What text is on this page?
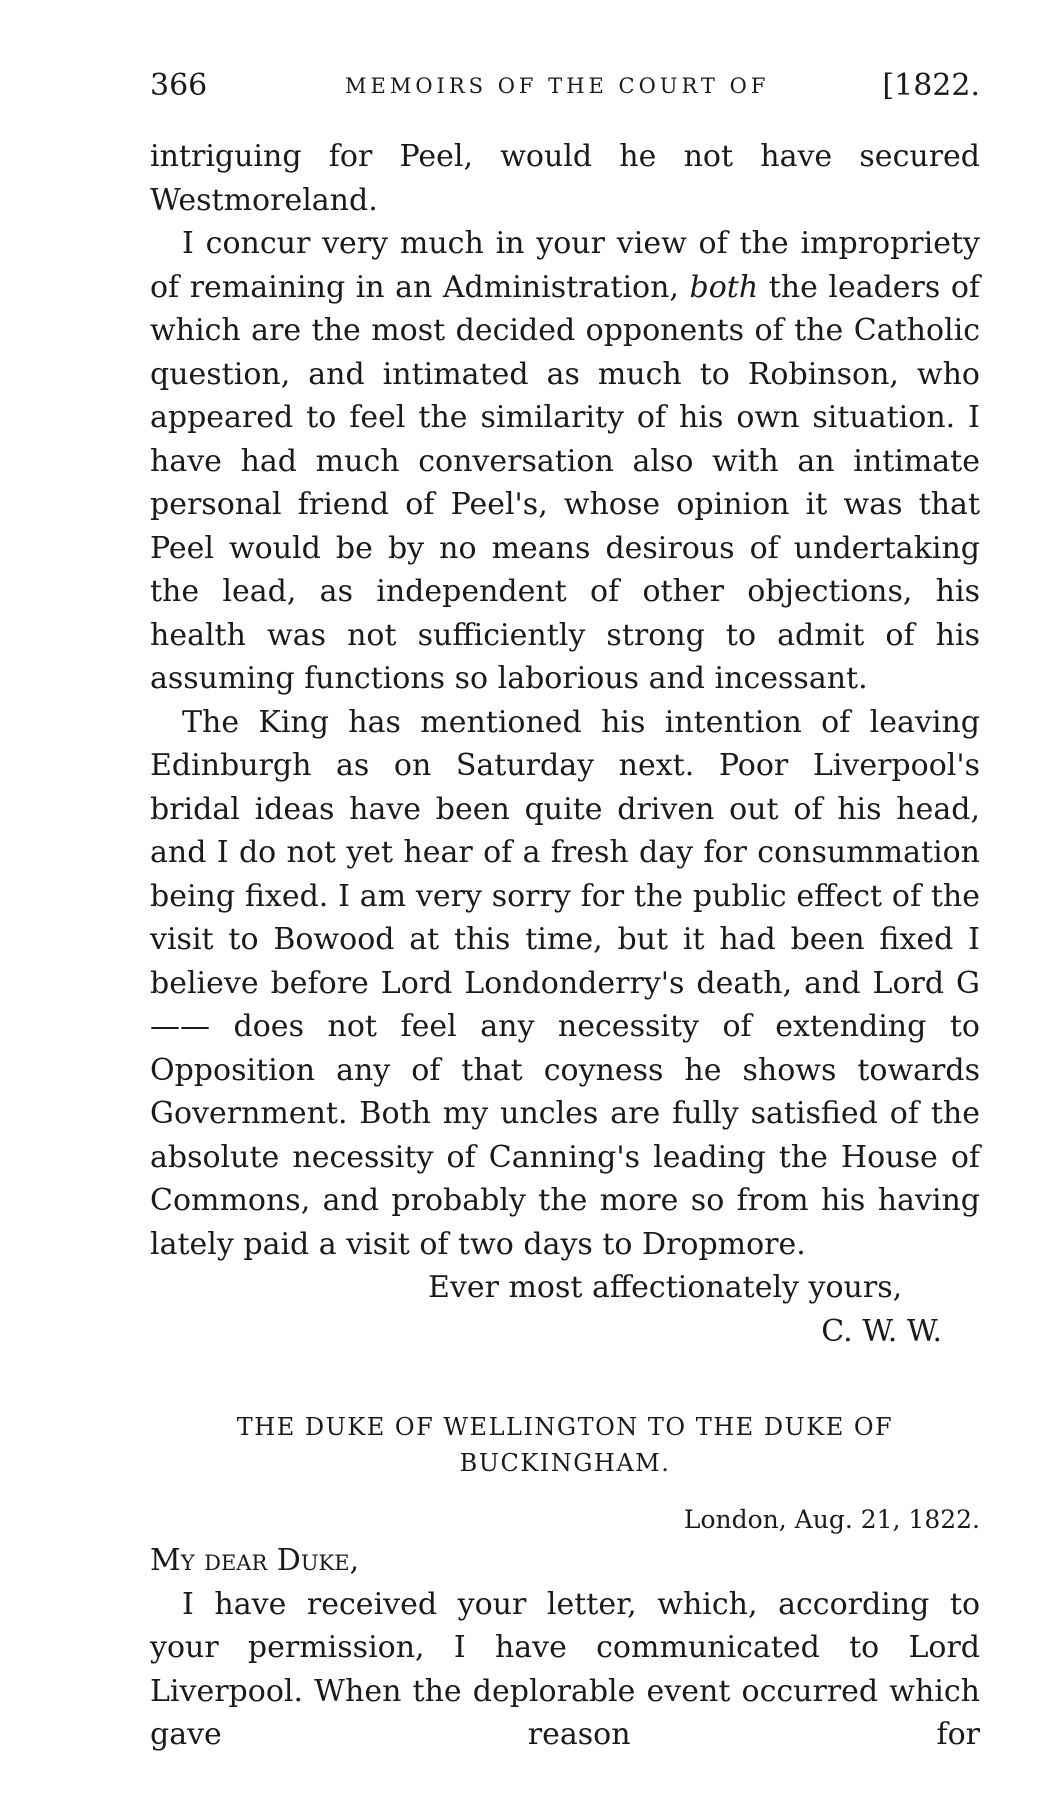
366	MEMOIRS OF THE COURT OF	[1822.

intriguing for Peel, would he not have secured Westmoreland.

I concur very much in your view of the impropriety of remaining in an Administration, both the leaders of which are the most decided opponents of the Catholic question, and intimated as much to Robinson, who appeared to feel the similarity of his own situation. I have had much conversation also with an intimate personal friend of Peel's, whose opinion it was that Peel would be by no means desirous of undertaking the lead, as independent of other objections, his health was not sufficiently strong to admit of his assuming functions so laborious and incessant.

The King has mentioned his intention of leaving Edinburgh as on Saturday next. Poor Liverpool's bridal ideas have been quite driven out of his head, and I do not yet hear of a fresh day for consummation being fixed. I am very sorry for the public effect of the visit to Bowood at this time, but it had been fixed I believe before Lord Londonderry's death, and Lord G—— does not feel any necessity of extending to Opposition any of that coyness he shows towards Government. Both my uncles are fully satisfied of the absolute necessity of Canning's leading the House of Commons, and probably the more so from his having lately paid a visit of two days to Dropmore.

Ever most affectionately yours,

C. W. W.

THE DUKE OF WELLINGTON TO THE DUKE OF BUCKINGHAM.

London, Aug. 21, 1822.

My dear Duke,

I have received your letter, which, according to your permission, I have communicated to Lord Liverpool. When the deplorable event occurred which gave reason for
